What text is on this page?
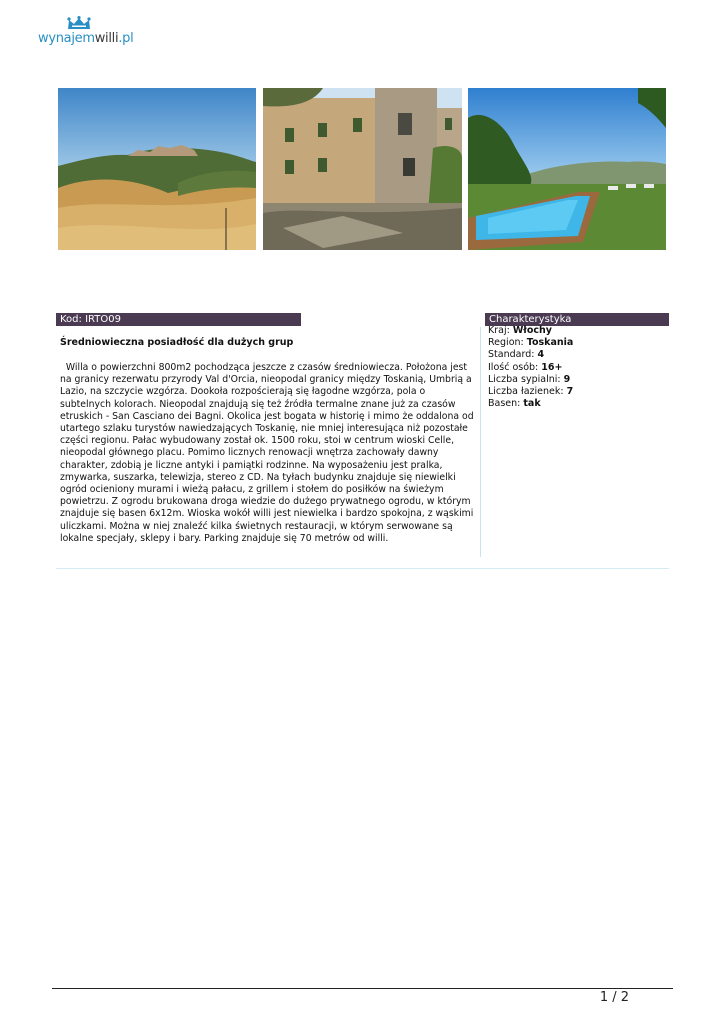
wynajemwilli.pl
Kod: IRTO09	Charakterystyka
Średniowieczna posiadłość dla dużych grup
Willa o powierzchni 800m2 pochodząca jeszcze z czasów średniowiecza. Położona jest na granicy rezerwatu przyrody Val d'Orcia, nieopodal granicy między Toskanią, Umbrią a Lazio, na szczycie wzgórza. Dookoła rozpościerają się łagodne wzgórza, pola o subtelnych kolorach. Nieopodal znajdują się też źródła termalne znane już za czasów etruskich - San Casciano dei Bagni. Okolica jest bogata w historię i mimo że oddalona od utartego szlaku turystów nawiedzających Toskanię, nie mniej interesująca niż pozostałe części regionu. Pałac wybudowany został ok. 1500 roku, stoi w centrum wioski Celle, nieopodal głównego placu. Pomimo licznych renowacji wnętrza zachowały dawny charakter, zdobią je liczne antyki i pamiątki rodzinne. Na wyposażeniu jest pralka, zmywarka, suszarka, telewizja, stereo z CD. Na tyłach budynku znajduje się niewielki ogród ocieniony murami i wieżą pałacu, z grillem i stołem do posiłków na świeżym powietrzu. Z ogrodu brukowana droga wiedzie do dużego prywatnego ogrodu, w którym znajduje się basen 6x12m. Wioska wokół willi jest niewielka i bardzo spokojna, z wąskimi uliczkami. Można w niej znaleźć kilka świetnych restauracji, w którym serwowane są lokalne specjały, sklepy i bary. Parking znajduje się 70 metrów od willi.
Kraj: Włochy
Region: Toskania
Standard: 4
Ilość osób: 16+
Liczba sypialni: 9
Liczba łazienek: 7
Basen: tak
1 / 2
